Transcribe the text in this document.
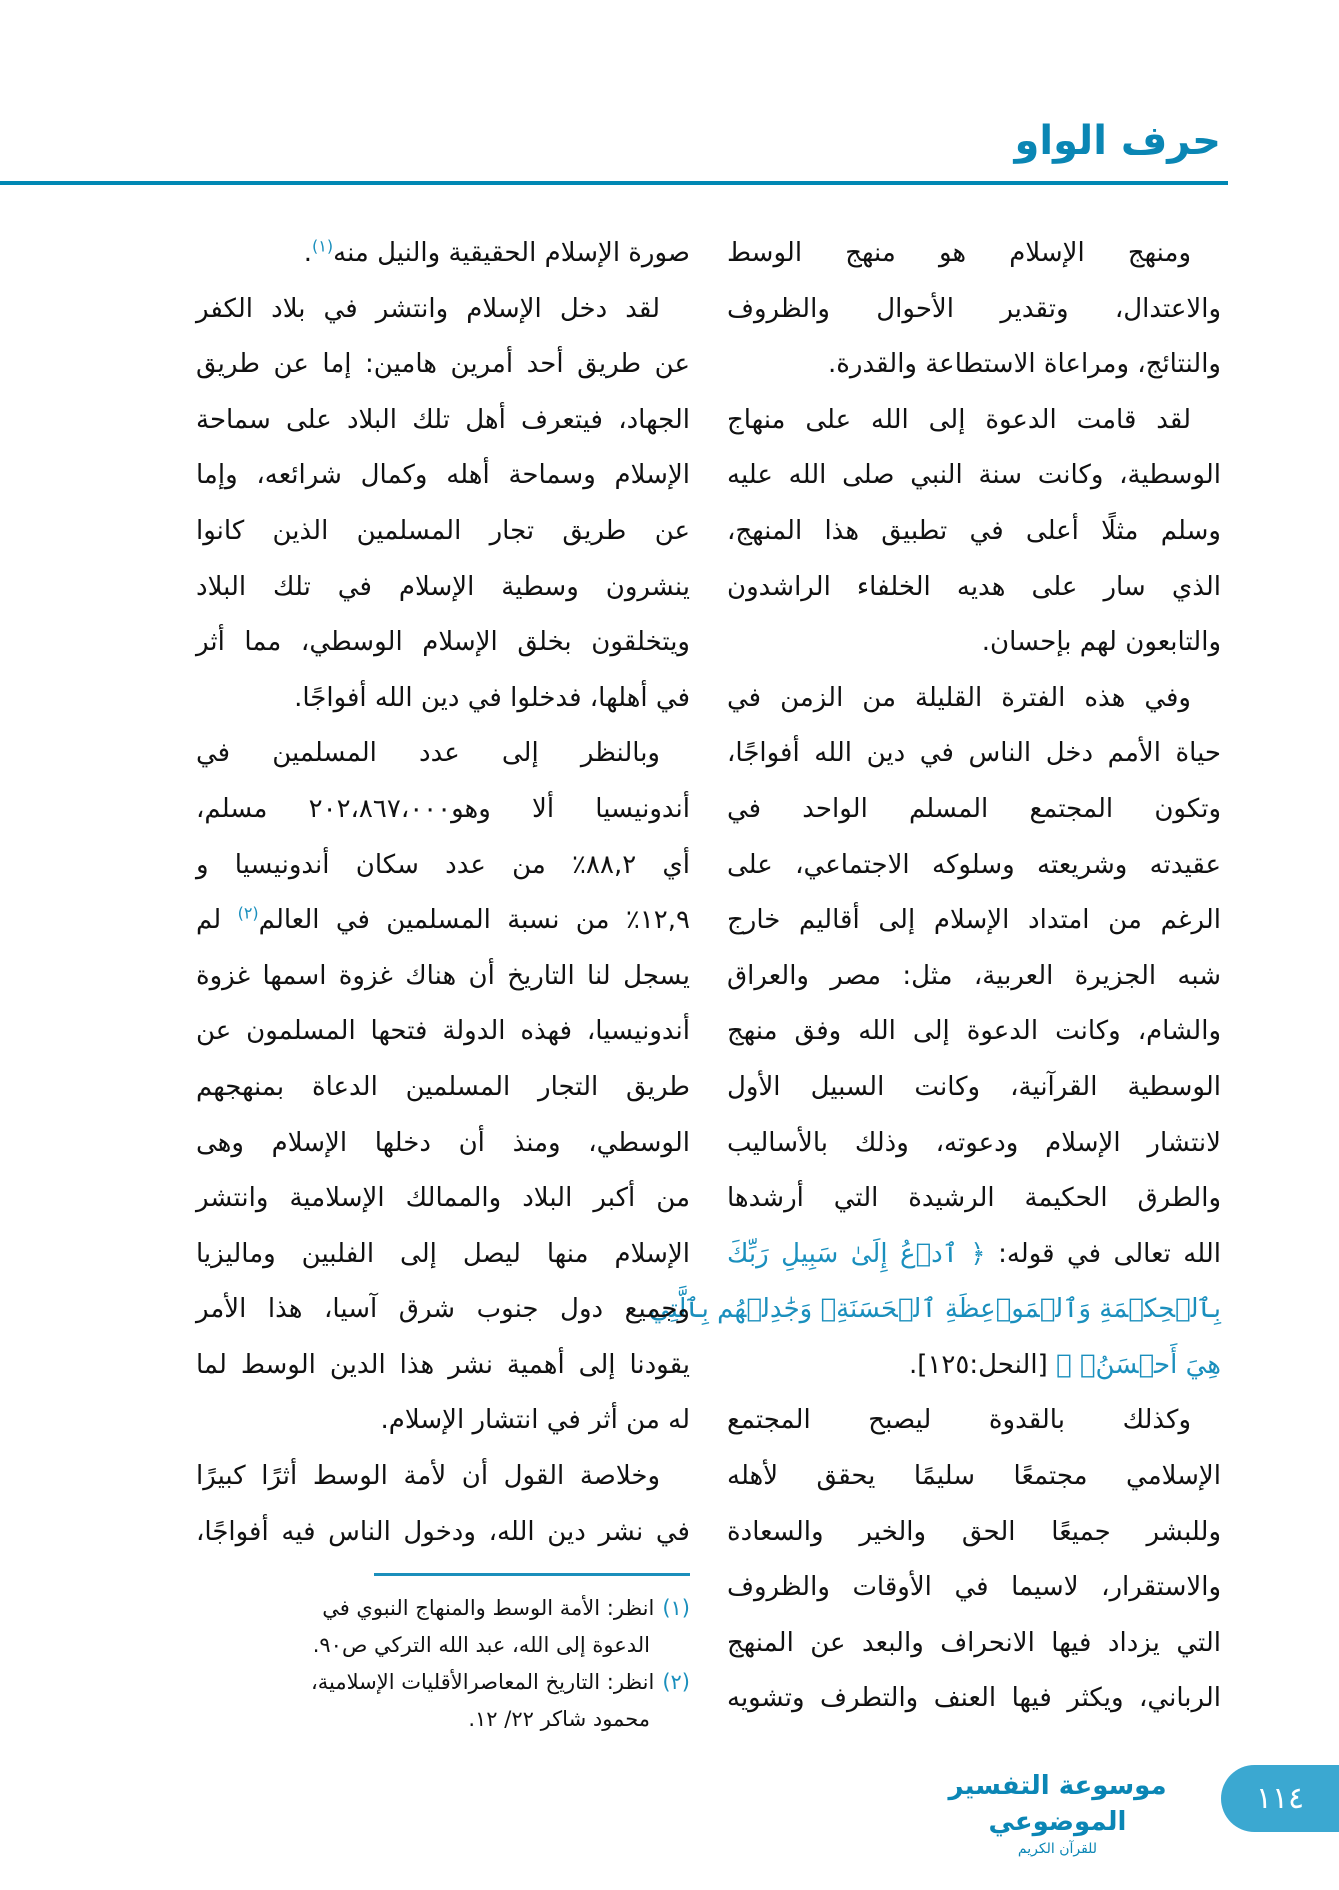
حرف الواو
ومنهج الإسلام هو منهج الوسط
والاعتدال، وتقدير الأحوال والظروف
والنتائج، ومراعاة الاستطاعة والقدرة.
لقد قامت الدعوة إلى الله على منهاج
الوسطية، وكانت سنة النبي صلى الله عليه
وسلم مثلًا أعلى في تطبيق هذا المنهج،
الذي سار على هديه الخلفاء الراشدون
والتابعون لهم بإحسان.
وفي هذه الفترة القليلة من الزمن في
حياة الأمم دخل الناس في دين الله أفواجًا،
وتكون المجتمع المسلم الواحد في
عقيدته وشريعته وسلوكه الاجتماعي، على
الرغم من امتداد الإسلام إلى أقاليم خارج
شبه الجزيرة العربية، مثل: مصر والعراق
والشام، وكانت الدعوة إلى الله وفق منهج
الوسطية القرآنية، وكانت السبيل الأول
لانتشار الإسلام ودعوته، وذلك بالأساليب
والطرق الحكيمة الرشيدة التي أرشدها
الله تعالى في قوله: ﴿ ٱدۡعُ إِلَىٰ سَبِيلِ رَبِّكَ
بِٱلۡحِكۡمَةِ وَٱلۡمَوۡعِظَةِ ٱلۡحَسَنَةِۖ وَجَٰدِلۡهُم بِٱلَّتِي
هِيَ أَحۡسَنُۚ ﴾ [النحل:١٢٥].
وكذلك بالقدوة ليصبح المجتمع
الإسلامي مجتمعًا سليمًا يحقق لأهله
وللبشر جميعًا الحق والخير والسعادة
والاستقرار، لاسيما في الأوقات والظروف
التي يزداد فيها الانحراف والبعد عن المنهج
الرباني، ويكثر فيها العنف والتطرف وتشويه
صورة الإسلام الحقيقية والنيل منه$^{(١)}$.
لقد دخل الإسلام وانتشر في بلاد الكفر
عن طريق أحد أمرين هامين: إما عن طريق
الجهاد، فيتعرف أهل تلك البلاد على سماحة
الإسلام وسماحة أهله وكمال شرائعه، وإما
عن طريق تجار المسلمين الذين كانوا
ينشرون وسطية الإسلام في تلك البلاد
ويتخلقون بخلق الإسلام الوسطي، مما أثر
في أهلها، فدخلوا في دين الله أفواجًا.
وبالنظر إلى عدد المسلمين في
أندونيسيا ألا وهو٢٠٢،٨٦٧،٠٠٠ مسلم،
أي ٨٨,٢٪ من عدد سكان أندونيسيا و
١٢,٩٪ من نسبة المسلمين في العالم$^{(٢)}$ لم
يسجل لنا التاريخ أن هناك غزوة اسمها غزوة
أندونيسيا، فهذه الدولة فتحها المسلمون عن
طريق التجار المسلمين الدعاة بمنهجهم
الوسطي، ومنذ أن دخلها الإسلام وهى
من أكبر البلاد والممالك الإسلامية وانتشر
الإسلام منها ليصل إلى الفلبين وماليزيا
وجميع دول جنوب شرق آسيا، هذا الأمر
يقودنا إلى أهمية نشر هذا الدين الوسط لما
له من أثر في انتشار الإسلام.
وخلاصة القول أن لأمة الوسط أثرًا كبيرًا
في نشر دين الله، ودخول الناس فيه أفواجًا،
(١)انظر: الأمة الوسط والمنهاج النبوي في
الدعوة إلى الله، عبد الله التركي ص٩٠.
(٢)انظر: التاريخ المعاصرالأقليات الإسلامية،
محمود شاكر ٢٢/ ١٢.
موسوعة التفسير الموضوعي
للقرآن الكريم
١١٤
